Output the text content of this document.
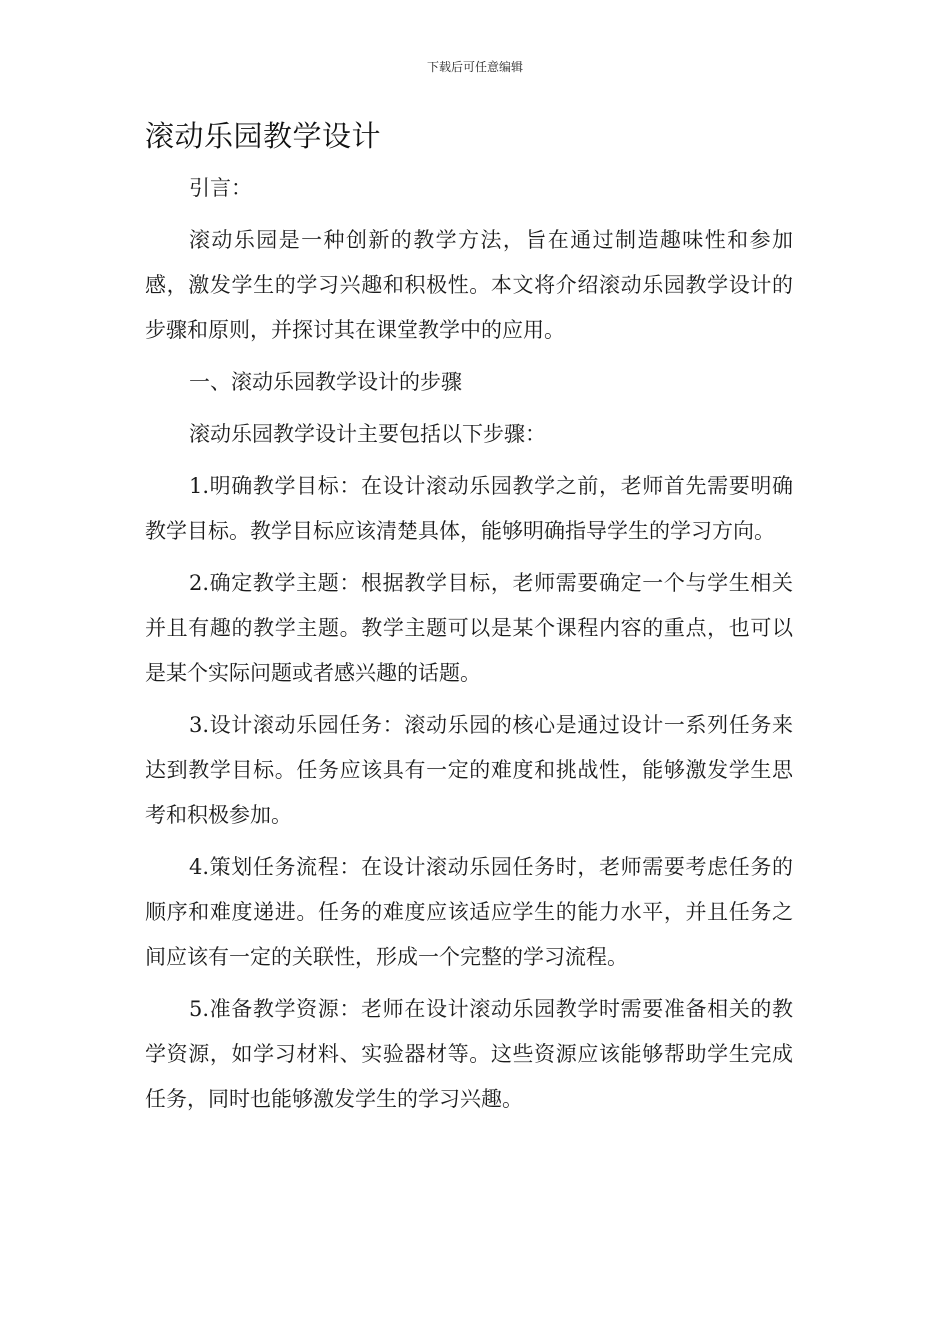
下载后可任意编辑
滚动乐园教学设计

引言：

滚动乐园是一种创新的教学方法，旨在通过制造趣味性和参加感，激发学生的学习兴趣和积极性。本文将介绍滚动乐园教学设计的步骤和原则，并探讨其在课堂教学中的应用。

一、滚动乐园教学设计的步骤

滚动乐园教学设计主要包括以下步骤：

1.明确教学目标：在设计滚动乐园教学之前，老师首先需要明确教学目标。教学目标应该清楚具体，能够明确指导学生的学习方向。

2.确定教学主题：根据教学目标，老师需要确定一个与学生相关并且有趣的教学主题。教学主题可以是某个课程内容的重点，也可以是某个实际问题或者感兴趣的话题。

3.设计滚动乐园任务：滚动乐园的核心是通过设计一系列任务来达到教学目标。任务应该具有一定的难度和挑战性，能够激发学生思考和积极参加。

4.策划任务流程：在设计滚动乐园任务时，老师需要考虑任务的顺序和难度递进。任务的难度应该适应学生的能力水平，并且任务之间应该有一定的关联性，形成一个完整的学习流程。

5.准备教学资源：老师在设计滚动乐园教学时需要准备相关的教学资源，如学习材料、实验器材等。这些资源应该能够帮助学生完成任务，同时也能够激发学生的学习兴趣。
